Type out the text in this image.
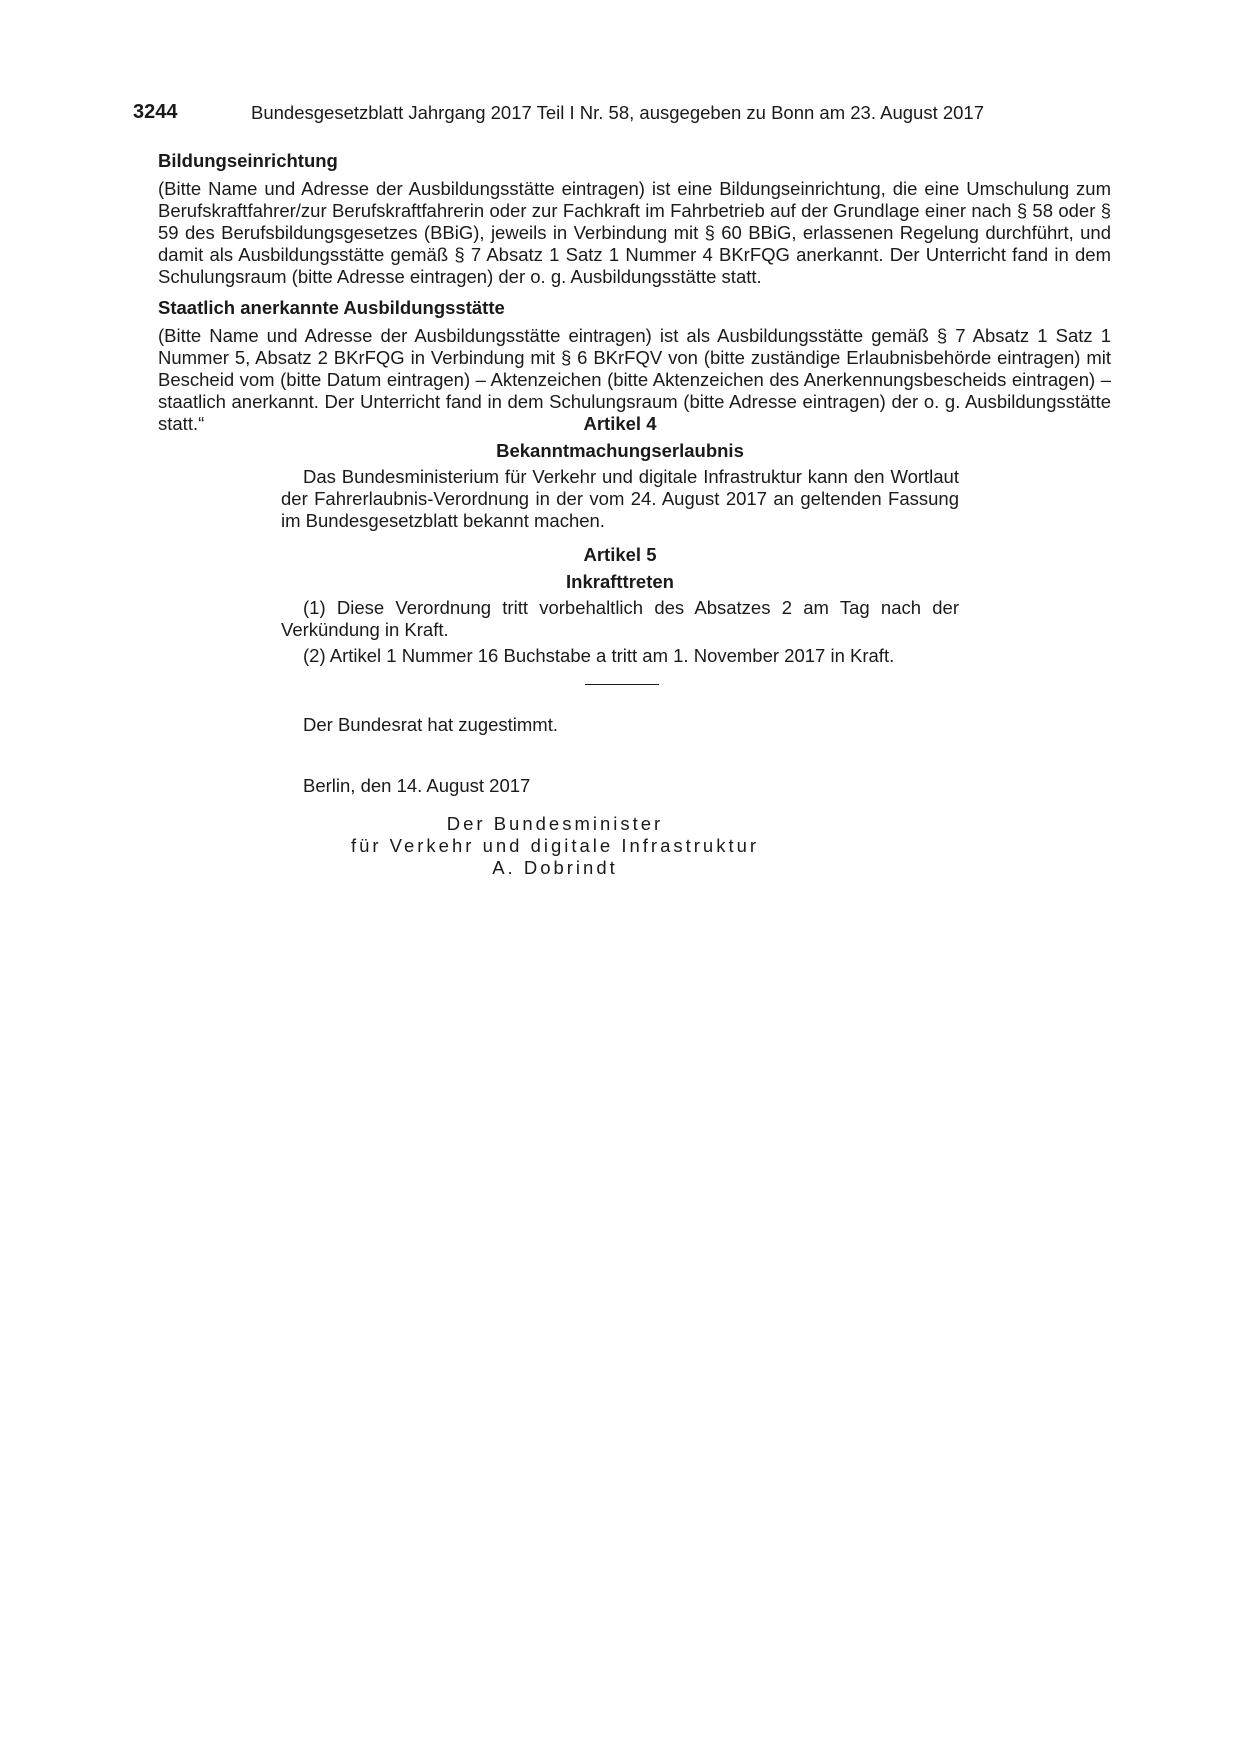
3244	Bundesgesetzblatt Jahrgang 2017 Teil I Nr. 58, ausgegeben zu Bonn am 23. August 2017

Bildungseinrichtung

(Bitte Name und Adresse der Ausbildungsstätte eintragen) ist eine Bildungseinrichtung, die eine Umschulung zum Berufskraftfahrer/zur Berufskraftfahrerin oder zur Fachkraft im Fahrbetrieb auf der Grundlage einer nach § 58 oder § 59 des Berufsbildungsgesetzes (BBiG), jeweils in Verbindung mit § 60 BBiG, erlassenen Regelung durchführt, und damit als Ausbildungsstätte gemäß § 7 Absatz 1 Satz 1 Nummer 4 BKrFQG anerkannt. Der Unterricht fand in dem Schulungsraum (bitte Adresse eintragen) der o. g. Ausbildungsstätte statt.

Staatlich anerkannte Ausbildungsstätte

(Bitte Name und Adresse der Ausbildungsstätte eintragen) ist als Ausbildungsstätte gemäß § 7 Absatz 1 Satz 1 Nummer 5, Absatz 2 BKrFQG in Verbindung mit § 6 BKrFQV von (bitte zuständige Erlaubnisbehörde eintragen) mit Bescheid vom (bitte Datum eintragen) – Aktenzeichen (bitte Aktenzeichen des Anerkennungsbescheids eintragen) – staatlich anerkannt. Der Unterricht fand in dem Schulungsraum (bitte Adresse eintragen) der o. g. Ausbildungsstätte statt.“	Artikel 4

Bekanntmachungserlaubnis

Das Bundesministerium für Verkehr und digitale Infrastruktur kann den Wortlaut der Fahrerlaubnis-Verordnung in der vom 24. August 2017 an geltenden Fassung im Bundesgesetzblatt bekannt machen.

Artikel 5

Inkrafttreten

(1) Diese Verordnung tritt vorbehaltlich des Absatzes 2 am Tag nach der Verkündung in Kraft.

(2) Artikel 1 Nummer 16 Buchstabe a tritt am 1. November 2017 in Kraft.

Der Bundesrat hat zugestimmt.

Berlin, den 14. August 2017

Der Bundesminister

für Verkehr und digitale Infrastruktur

A. Dobrindt
